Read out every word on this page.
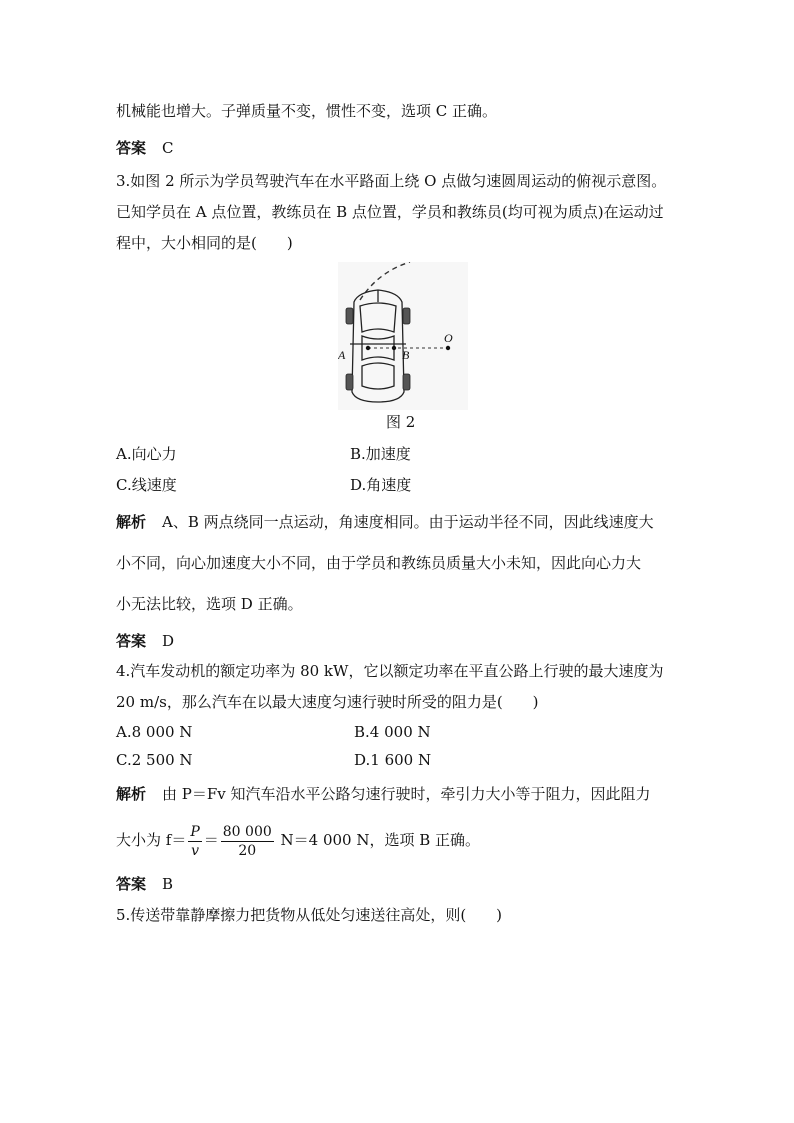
机械能也增大。子弹质量不变，惯性不变，选项 C 正确。
答案 C
3.如图 2 所示为学员驾驶汽车在水平路面上绕 O 点做匀速圆周运动的俯视示意图。
已知学员在 A 点位置，教练员在 B 点位置，学员和教练员(均可视为质点)在运动过
程中，大小相同的是(　　)
A	B
O
图 2
A.向心力	B.加速度
C.线速度	D.角速度
解析 A、B 两点绕同一点运动，角速度相同。由于运动半径不同，因此线速度大
小不同，向心加速度大小不同，由于学员和教练员质量大小未知，因此向心力大
小无法比较，选项 D 正确。
答案 D
4.汽车发动机的额定功率为 80 kW，它以额定功率在平直公路上行驶的最大速度为
20 m/s，那么汽车在以最大速度匀速行驶时所受的阻力是(　　)
A.8 000 N	B.4 000 N
C.2 500 N	D.1 600 N
解析 由 P＝Fv 知汽车沿水平公路匀速行驶时，牵引力大小等于阻力，因此阻力
大小为 $f= \frac{P}{v} = \frac{80 000}{20} N=4$ 000 N，选项 B 正确。
答案 B
5.传送带靠静摩擦力把货物从低处匀速送往高处，则(　　)
